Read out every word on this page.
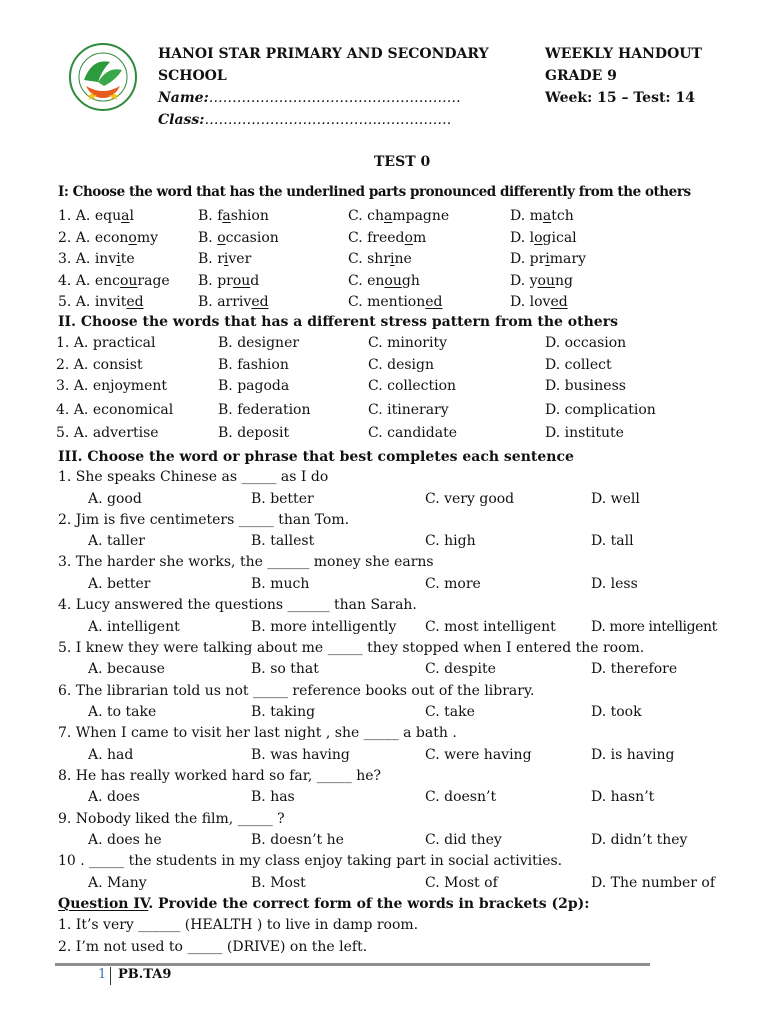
HANOI STAR PRIMARY AND SECONDARY
SCHOOL
Name:………………………………………………
Class:………………………………..……………
WEEKLY HANDOUT
GRADE 9
Week: 15 – Test: 14
TEST 0
I: Choose the word that has the underlined parts pronounced differently from the others
1. A. equal	B. fashion	C. champagne	D. match
2. A. economy	B. occasion	C. freedom	D. logical
3. A. invite	B. river	C. shrine	D. primary
4. A. encourage B. proud	C. enough	D. young
5. A. invited	B. arrived	C. mentioned	D. loved
II. Choose the words that has a different stress pattern from the others
1. A. practical	B. designer	C. minority	D. occasion
2. A. consist	B. fashion	C. design	D. collect
3. A. enjoyment	B. pagoda	C. collection	D. business
4. A. economical	B. federation	C. itinerary	D. complication
5. A. advertise	B. deposit	C. candidate	D. institute
III. Choose the word or phrase that best completes each sentence
1. She speaks Chinese as _____ as I do
A. good	B. better	C. very good	D. well
2. Jim is five centimeters _____ than Tom.
A. taller	B. tallest	C. high	D. tall
3. The harder she works, the ______ money she earns
A. better	B. much	C. more	D. less
4. Lucy answered the questions ______ than Sarah.
A. intelligent	B. more intelligently C. most intelligent	D. more intelligent
5. I knew they were talking about me _____ they stopped when I entered the room.
A. because	B. so that	C. despite	D. therefore
6. The librarian told us not _____ reference books out of the library.
A. to take	B. taking	C. take	D. took
7. When I came to visit her last night , she _____ a bath .
A. had	B. was having	C. were having	D. is having
8. He has really worked hard so far, _____ he?
A. does	B. has	C. doesn’t	D. hasn’t
9. Nobody liked the film, _____ ?
A. does he	B. doesn’t he	C. did they	D. didn’t they
10 . _____ the students in my class enjoy taking part in social activities.
A. Many	B. Most	C. Most of	D. The number of
Question IV. Provide the correct form of the words in brackets (2p):
1. It’s very ______ (HEALTH ) to live in damp room.
2. I’m not used to _____ (DRIVE) on the left.
1 PB.TA9
